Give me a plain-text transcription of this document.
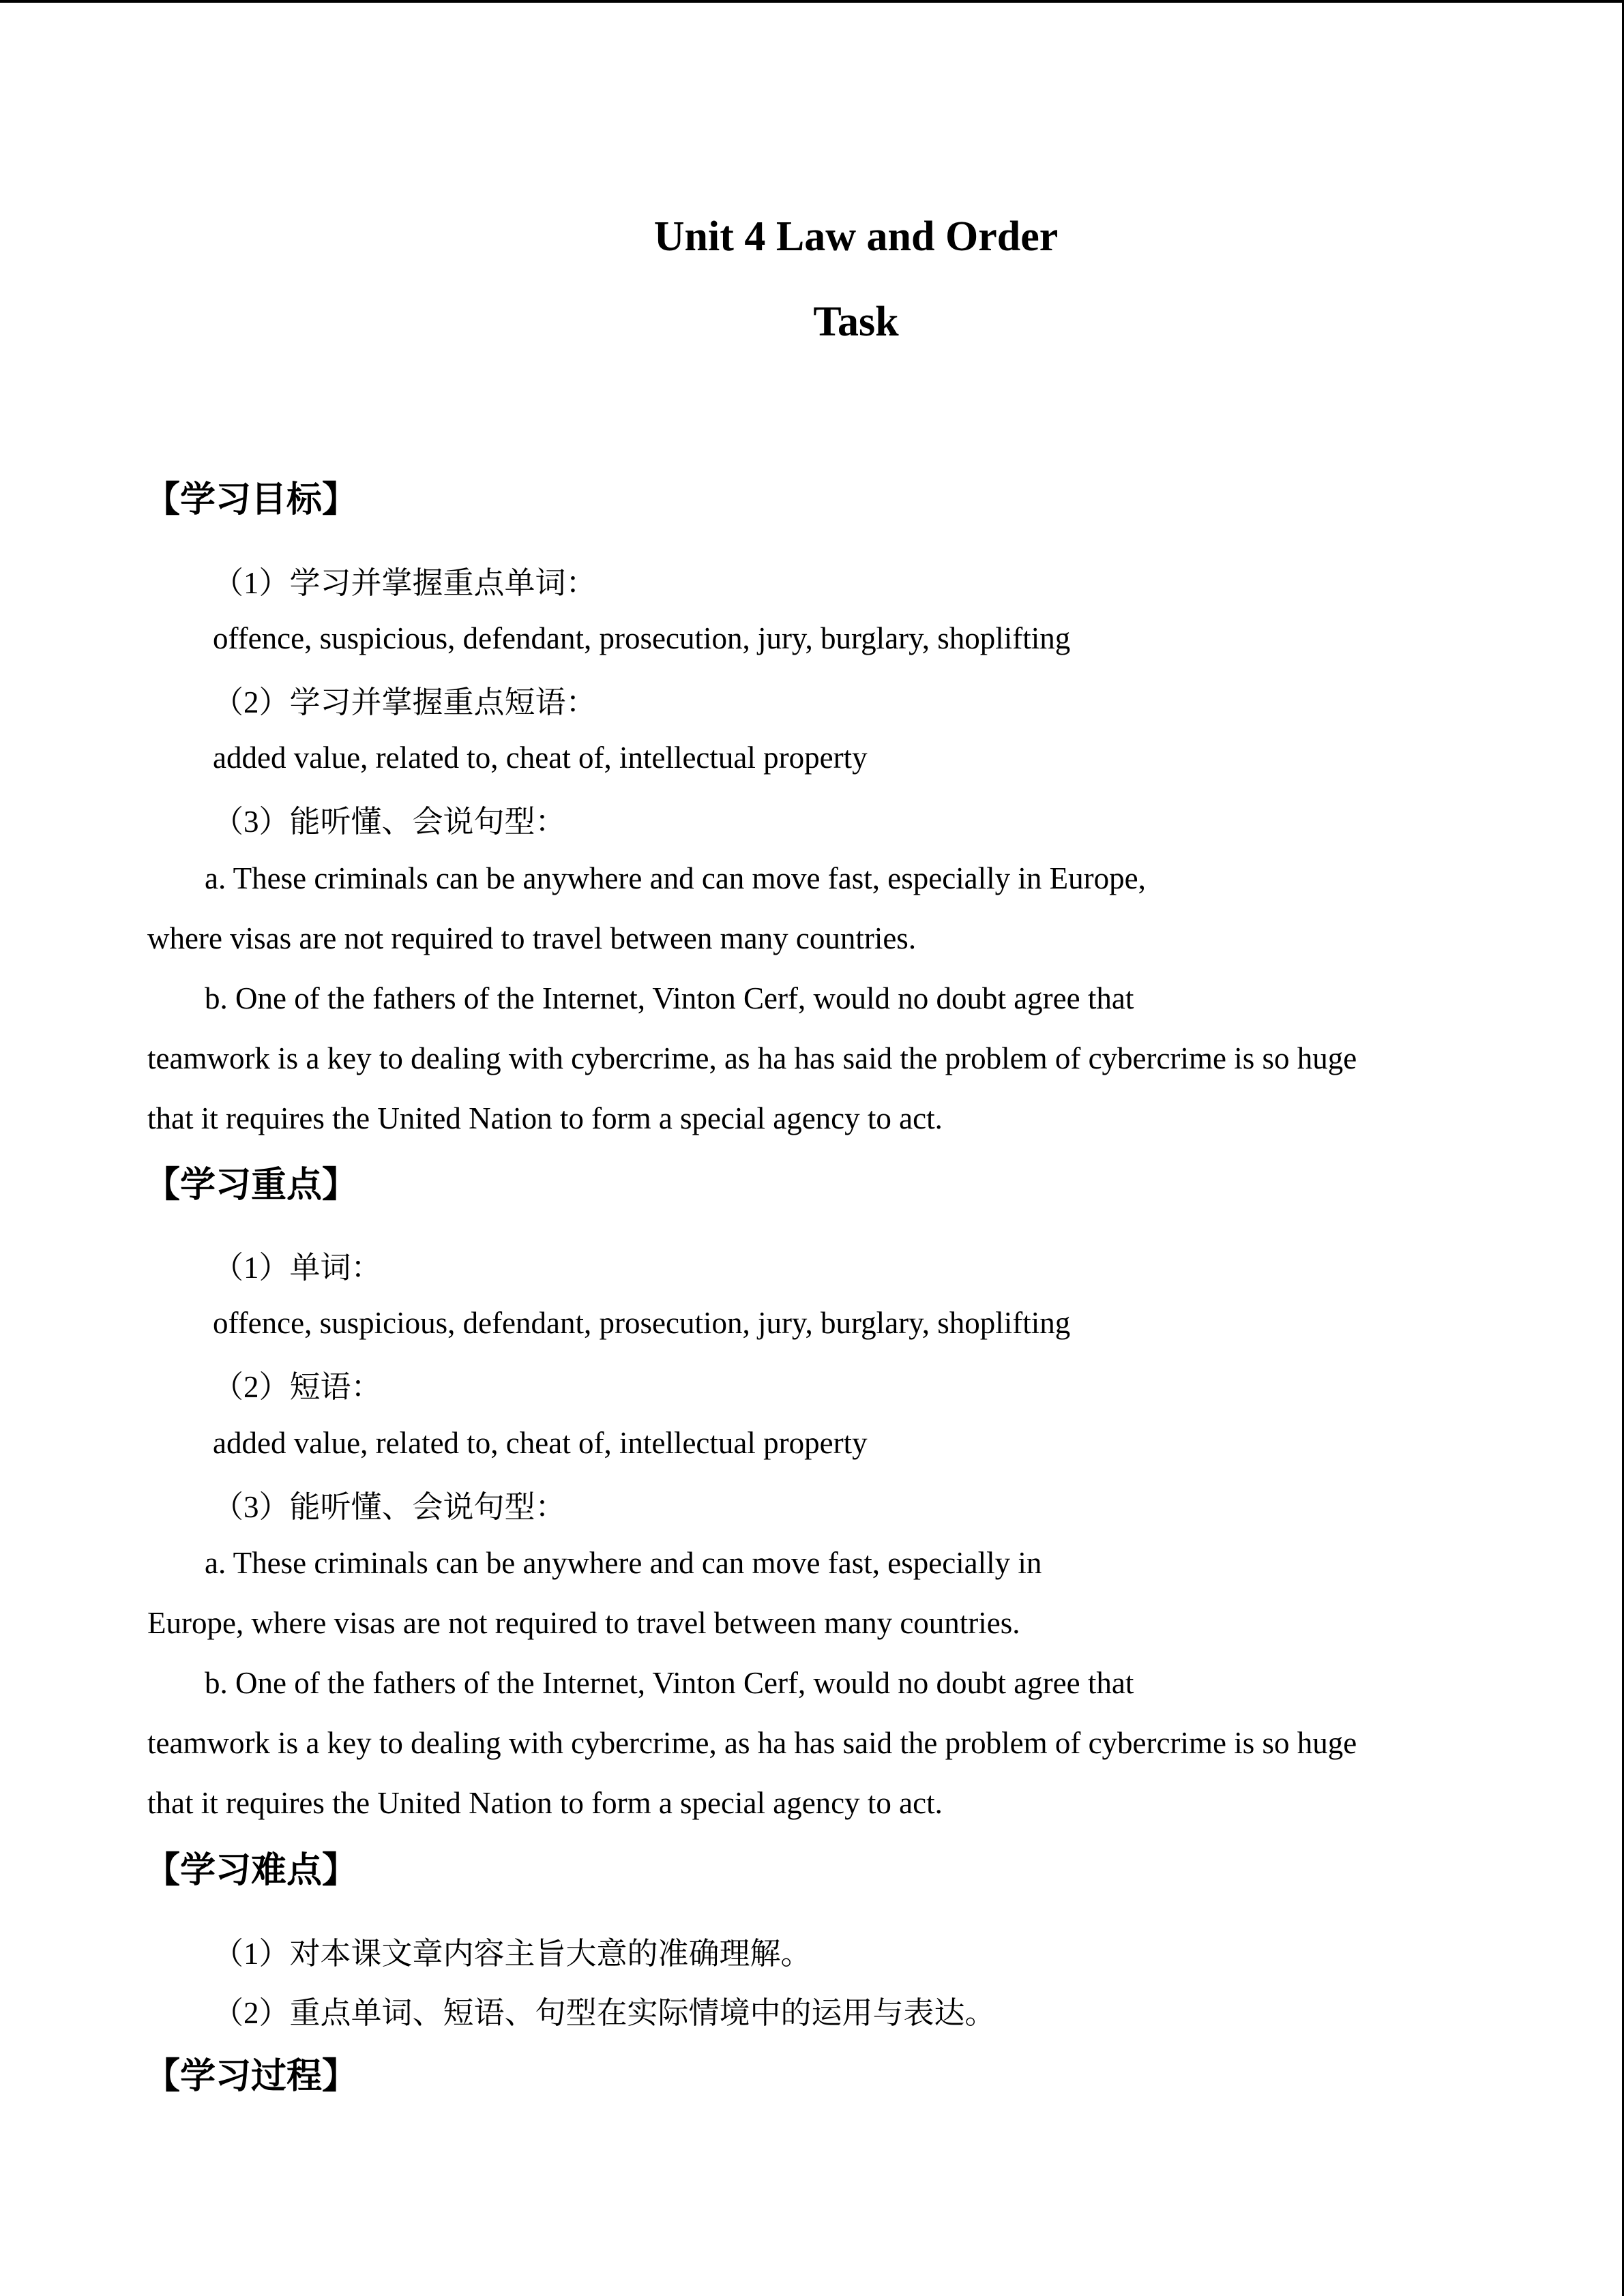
Unit 4 Law and Order
Task
【学习目标】
（1）学习并掌握重点单词：
offence, suspicious, defendant, prosecution, jury, burglary, shoplifting
（2）学习并掌握重点短语：
added value, related to, cheat of, intellectual property
（3）能听懂、会说句型：
a. These criminals can be anywhere and can move fast, especially in Europe,
where visas are not required to travel between many countries.
b. One of the fathers of the Internet, Vinton Cerf, would no doubt agree that
teamwork is a key to dealing with cybercrime, as ha has said the problem of cybercrime is so huge
that it requires the United Nation to form a special agency to act.
【学习重点】
（1）单词：
offence, suspicious, defendant, prosecution, jury, burglary, shoplifting
（2）短语：
added value, related to, cheat of, intellectual property
（3）能听懂、会说句型：
a. These criminals can be anywhere and can move fast, especially in
Europe, where visas are not required to travel between many countries.
b. One of the fathers of the Internet, Vinton Cerf, would no doubt agree that
teamwork is a key to dealing with cybercrime, as ha has said the problem of cybercrime is so huge
that it requires the United Nation to form a special agency to act.
【学习难点】
（1）对本课文章内容主旨大意的准确理解。
（2）重点单词、短语、句型在实际情境中的运用与表达。
【学习过程】
